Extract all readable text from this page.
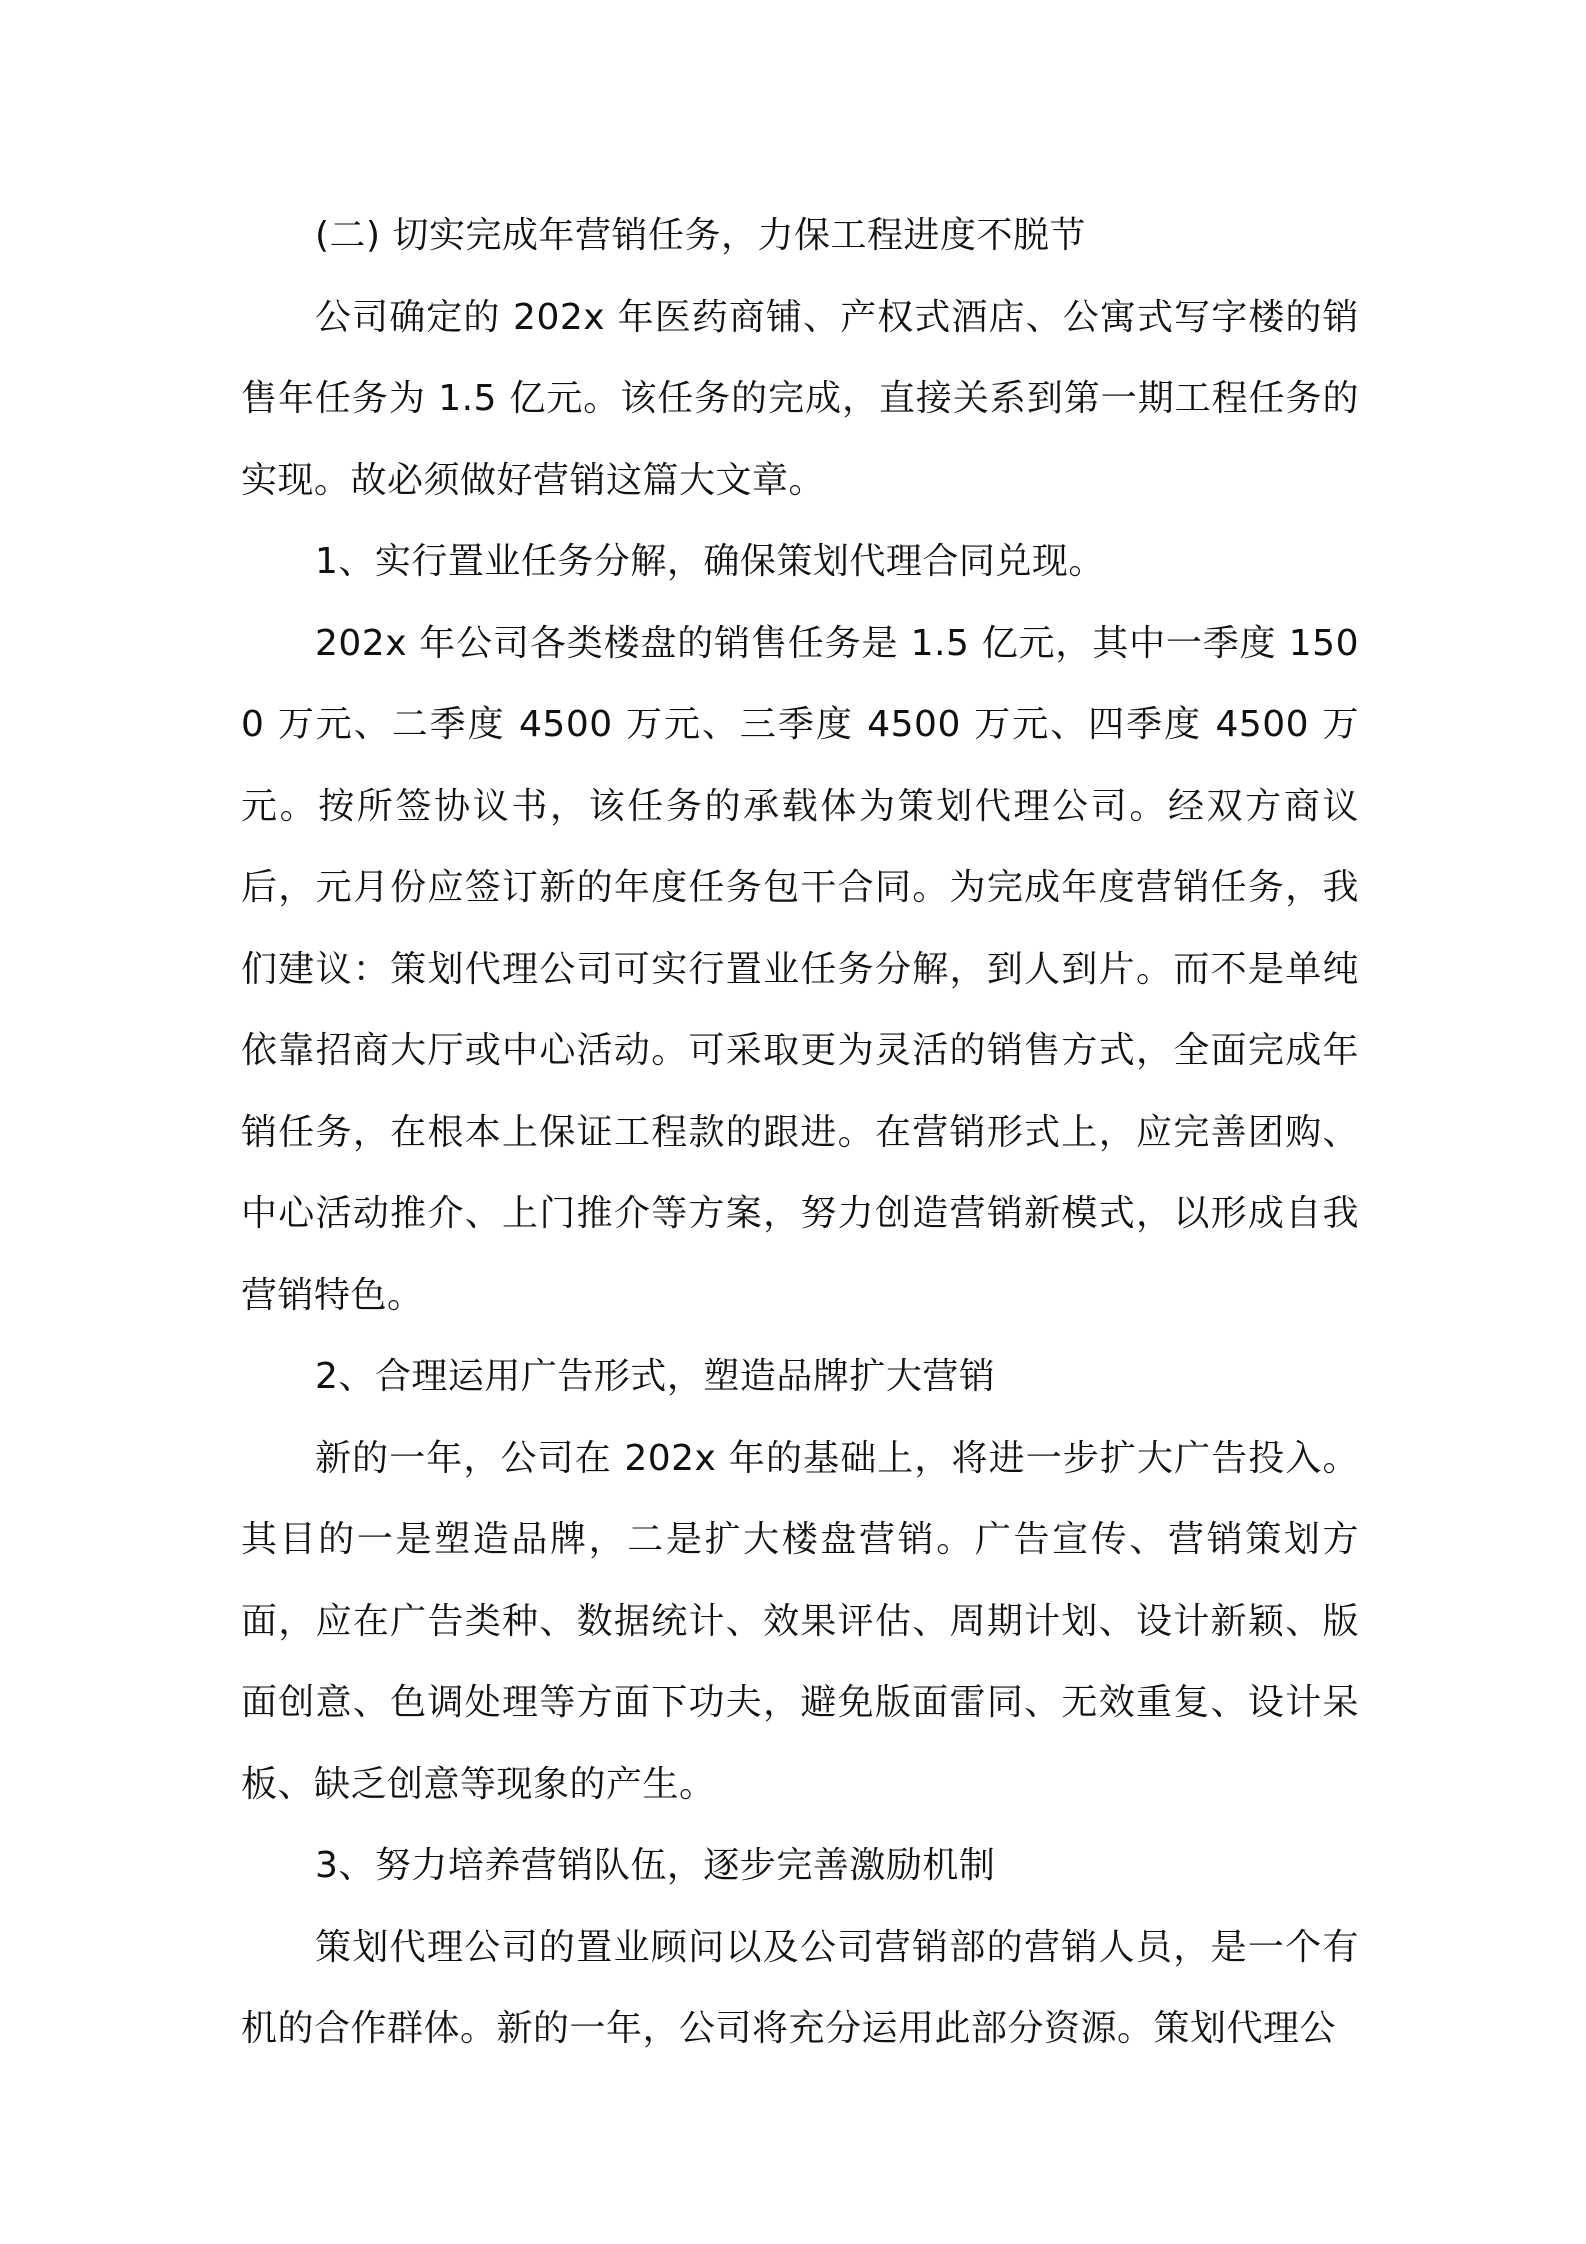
(二) 切实完成年营销任务，力保工程进度不脱节

公司确定的 202x 年医药商铺、产权式酒店、公寓式写字楼的销售年任务为 1.5 亿元。该任务的完成，直接关系到第一期工程任务的实现。故必须做好营销这篇大文章。

1、实行置业任务分解，确保策划代理合同兑现。

202x 年公司各类楼盘的销售任务是 1.5 亿元，其中一季度 1500 万元、二季度 4500 万元、三季度 4500 万元、四季度 4500 万元。按所签协议书，该任务的承载体为策划代理公司。经双方商议后，元月份应签订新的年度任务包干合同。为完成年度营销任务，我们建议：策划代理公司可实行置业任务分解，到人到片。而不是单纯依靠招商大厅或中心活动。可采取更为灵活的销售方式，全面完成年销任务，在根本上保证工程款的跟进。在营销形式上，应完善团购、中心活动推介、上门推介等方案，努力创造营销新模式，以形成自我营销特色。

2、合理运用广告形式，塑造品牌扩大营销

新的一年，公司在 202x 年的基础上，将进一步扩大广告投入。其目的一是塑造品牌，二是扩大楼盘营销。广告宣传、营销策划方面，应在广告类种、数据统计、效果评估、周期计划、设计新颖、版面创意、色调处理等方面下功夫，避免版面雷同、无效重复、设计呆板、缺乏创意等现象的产生。

3、努力培养营销队伍，逐步完善激励机制

策划代理公司的置业顾问以及公司营销部的营销人员，是一个有机的合作群体。新的一年，公司将充分运用此部分资源。策划代理公
